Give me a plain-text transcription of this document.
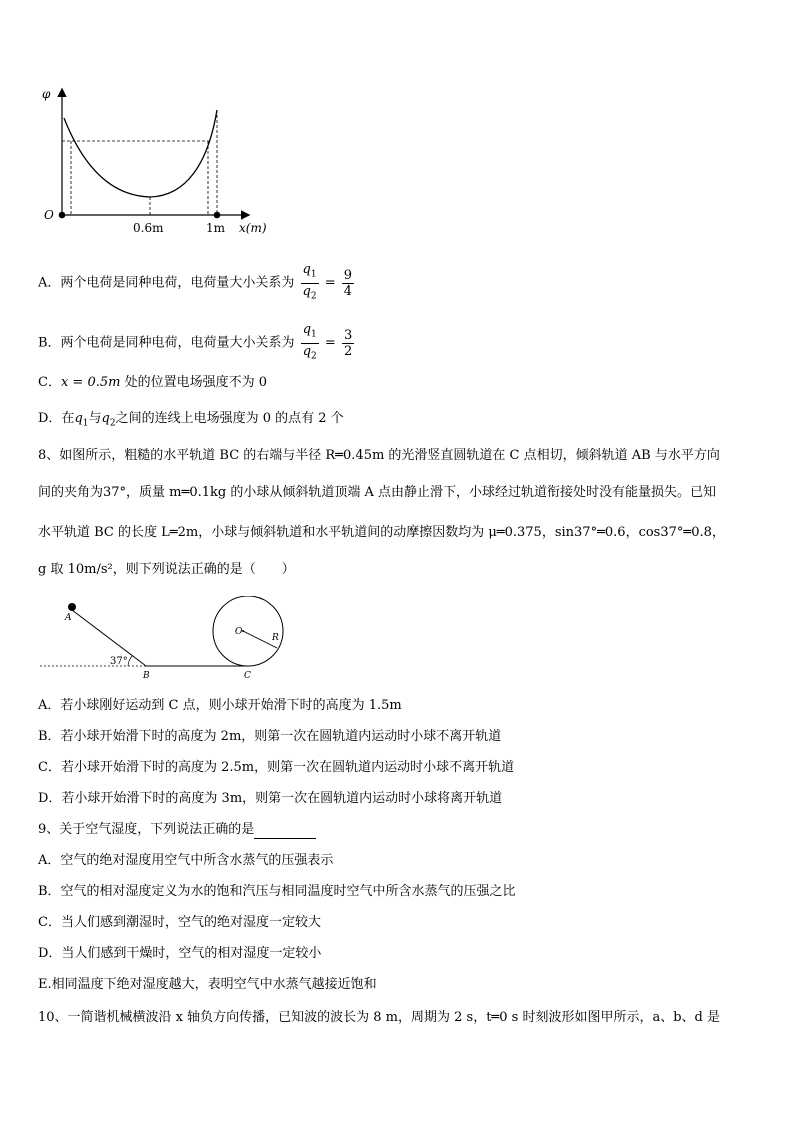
φ
O
0.6m	1m x(m)
A．两个电荷是同种电荷，电荷量大小关系为 $\frac{q_1}{q_2} = \frac{9}{4}$
B．两个电荷是同种电荷，电荷量大小关系为 $\frac{q_1}{q_2} = \frac{3}{2}$
C．x = 0.5m 处的位置电场强度不为 0
D．在$q_1$与$q_2$之间的连线上电场强度为 0 的点有 2 个
8、如图所示，粗糙的水平轨道 BC 的右端与半径 R═0.45m 的光滑竖直圆轨道在 C 点相切，倾斜轨道 AB 与水平方向
间的夹角为37°，质量 m═0.1kg 的小球从倾斜轨道顶端 A 点由静止滑下，小球经过轨道衔接处时没有能量损失。已知
水平轨道 BC 的长度 L═2m，小球与倾斜轨道和水平轨道间的动摩擦因数均为 μ═0.375，sin37°═0.6，cos37°═0.8，
g 取 10m/s²，则下列说法正确的是（　　）
A
37°
B	C
O
R
A．若小球刚好运动到 C 点，则小球开始滑下时的高度为 1.5m
B．若小球开始滑下时的高度为 2m，则第一次在圆轨道内运动时小球不离开轨道
C．若小球开始滑下时的高度为 2.5m，则第一次在圆轨道内运动时小球不离开轨道
D．若小球开始滑下时的高度为 3m，则第一次在圆轨道内运动时小球将离开轨道
9、关于空气湿度，下列说法正确的是
A．空气的绝对湿度用空气中所含水蒸气的压强表示
B．空气的相对湿度定义为水的饱和汽压与相同温度时空气中所含水蒸气的压强之比
C．当人们感到潮湿时，空气的绝对湿度一定较大
D．当人们感到干燥时，空气的相对湿度一定较小
E.相同温度下绝对湿度越大，表明空气中水蒸气越接近饱和
10、一简谐机械横波沿 x 轴负方向传播，已知波的波长为 8 m，周期为 2 s，t═0 s 时刻波形如图甲所示，a、b、d 是
